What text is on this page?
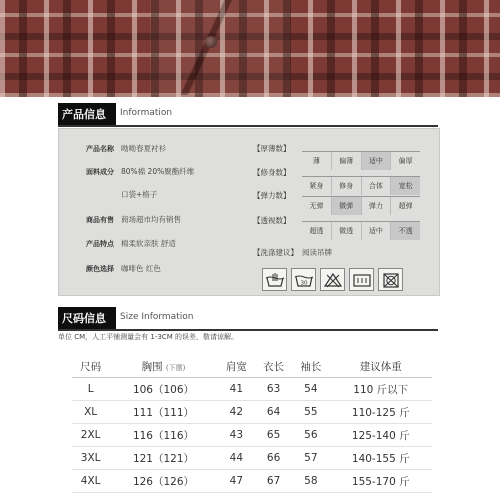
产品信息 Information
产品名称 呦呦春夏衬衫
面料成分 80%棉 20%聚酯纤维
口袋+格子
商品有售 商场超市均有销售
产品特点 棉柔软亲肤 舒适
颜色选择 咖啡色 红色
【厚薄数】
薄	偏薄	适中	偏厚
【修身数】
紧身	修身	合体	宽松
【弹力数】
无弹	微弹	弹力	超弹
【透视数】
超透	微透	适中	不透
【洗涤建议】 阅读吊牌
30
尺码信息 Size Information
单位 CM，人工平铺测量会有 1-3CM 的误差，敬请谅解。
尺码	胸围 (下摆)	肩宽	衣长	袖长	建议体重
L	106（106）	41	63	54	110 斤以下
XL	111（111）	42	64	55	110-125 斤
2XL	116（116）	43	65	56	125-140 斤
3XL	121（121）	44	66	57	140-155 斤
4XL	126（126）	47	67	58	155-170 斤
